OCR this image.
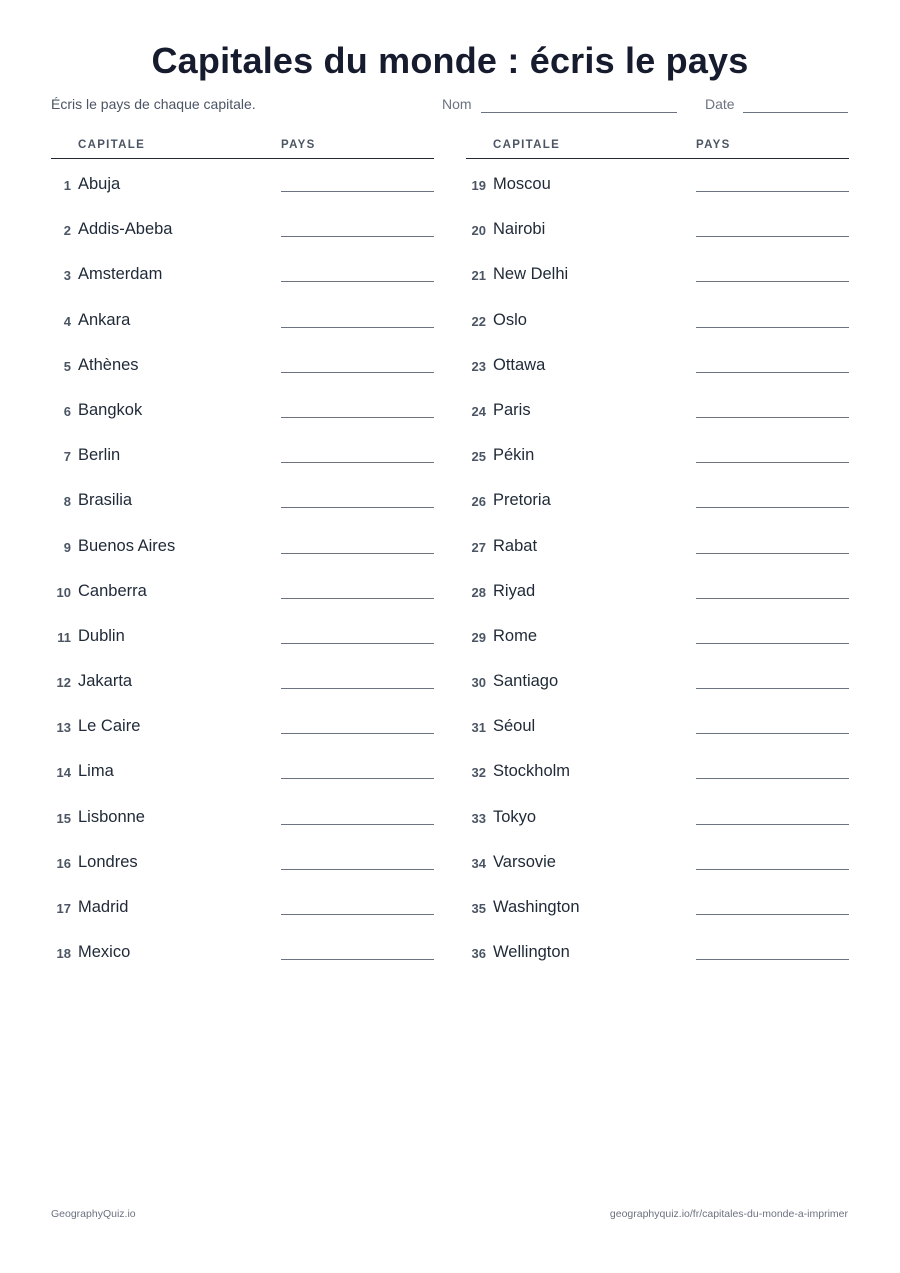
Capitales du monde : écris le pays
Écris le pays de chaque capitale.	Nom	Date
CAPITALE	PAYS
1 Abuja
2 Addis-Abeba
3 Amsterdam
4 Ankara
5 Athènes
6 Bangkok
7 Berlin
8 Brasilia
9 Buenos Aires
10 Canberra
11 Dublin
12 Jakarta
13 Le Caire
14 Lima
15 Lisbonne
16 Londres
17 Madrid
18 Mexico
CAPITALE	PAYS
19 Moscou
20 Nairobi
21 New Delhi
22 Oslo
23 Ottawa
24 Paris
25 Pékin
26 Pretoria
27 Rabat
28 Riyad
29 Rome
30 Santiago
31 Séoul
32 Stockholm
33 Tokyo
34 Varsovie
35 Washington
36 Wellington
GeographyQuiz.io	geographyquiz.io/fr/capitales-du-monde-a-imprimer
